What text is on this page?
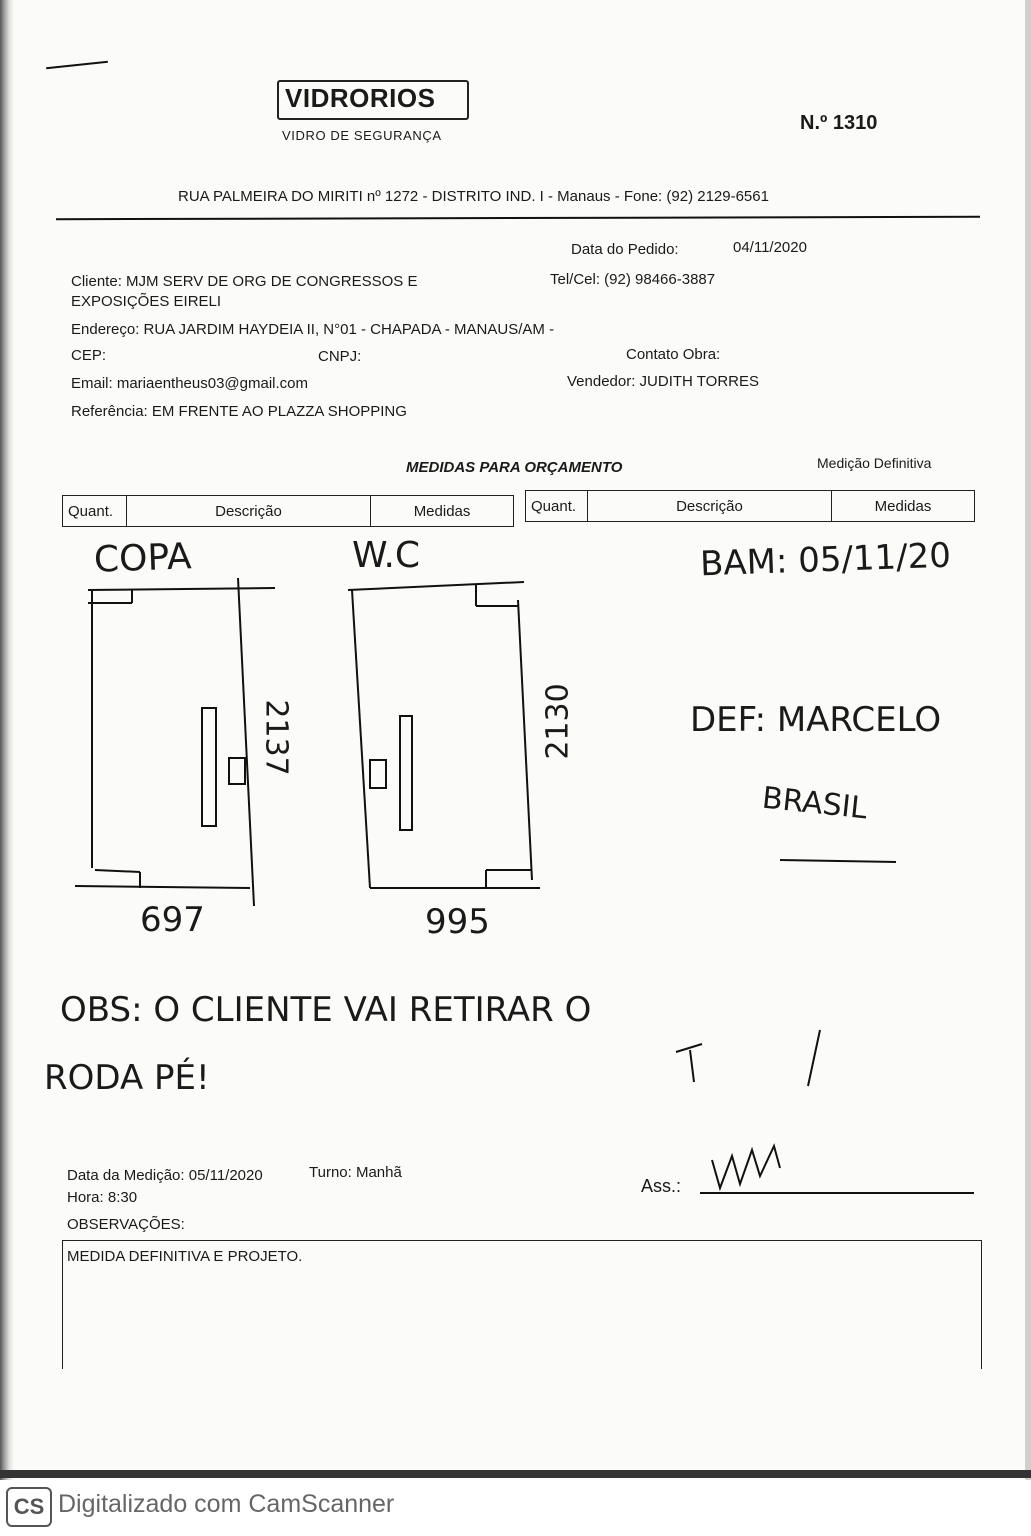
VIDRORIOS
VIDRO DE SEGURANÇA
N.º 1310
RUA PALMEIRA DO MIRITI nº 1272 - DISTRITO IND. I - Manaus - Fone: (92) 2129-6561
Data do Pedido:	04/11/2020
Cliente: MJM SERV DE ORG DE CONGRESSOS E
EXPOSIÇÕES EIRELI
Tel/Cel: (92) 98466-3887
Endereço: RUA JARDIM HAYDEIA II, N°01 - CHAPADA - MANAUS/AM -
CEP:	CNPJ:	Contato Obra:
Email: mariaentheus03@gmail.com	Vendedor: JUDITH TORRES
Referência: EM FRENTE AO PLAZZA SHOPPING
MEDIDAS PARA ORÇAMENTO	Medição Definitiva
Quant.	Descrição	Medidas	Quant.	Descrição	Medidas
COPA
2137
697
W.C
2130
995
BAM: 05/11/20
DEF: MARCELO
BRASIL
OBS: O CLIENTE VAI RETIRAR O
RODA PÉ!
Data da Medição: 05/11/2020	Turno: Manhã
Hora: 8:30
Ass.:
OBSERVAÇÕES:
MEDIDA DEFINITIVA E PROJETO.
CS Digitalizado com CamScanner
